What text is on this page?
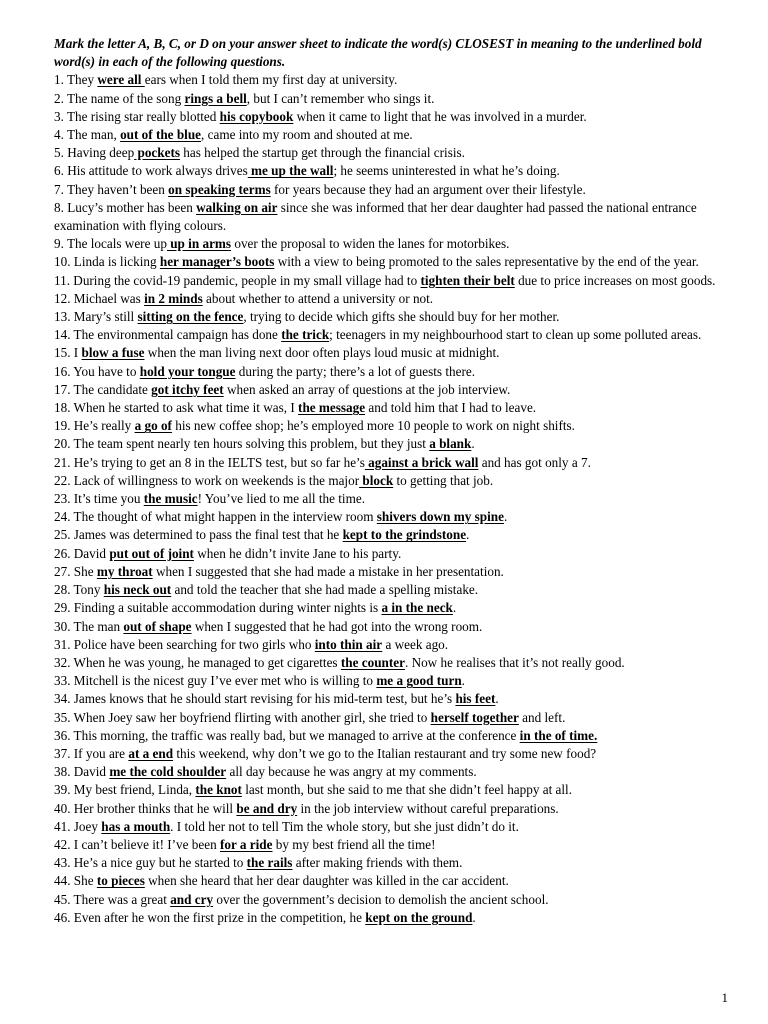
Mark the letter A, B, C, or D on your answer sheet to indicate the word(s) CLOSEST in meaning to the underlined bold word(s) in each of the following questions.

1. They were all ears when I told them my first day at university.

2. The name of the song rings a bell, but I can’t remember who sings it.

3. The rising star really blotted his copybook when it came to light that he was involved in a murder.

4. The man, out of the blue, came into my room and shouted at me.

5. Having deep pockets has helped the startup get through the financial crisis.

6. His attitude to work always drives me up the wall; he seems uninterested in what he’s doing.

7. They haven’t been on speaking terms for years because they had an argument over their lifestyle.

8. Lucy’s mother has been walking on air since she was informed that her dear daughter had passed the national entrance examination with flying colours.

9. The locals were up up in arms over the proposal to widen the lanes for motorbikes.

10. Linda is licking her manager’s boots with a view to being promoted to the sales representative by the end of the year.

11. During the covid-19 pandemic, people in my small village had to tighten their belt due to price increases on most goods.

12. Michael was in 2 minds about whether to attend a university or not.

13. Mary’s still sitting on the fence, trying to decide which gifts she should buy for her mother.

14. The environmental campaign has done the trick; teenagers in my neighbourhood start to clean up some polluted areas.

15. I blow a fuse when the man living next door often plays loud music at midnight.

16. You have to hold your tongue during the party; there’s a lot of guests there.

17. The candidate got itchy feet when asked an array of questions at the job interview.

18. When he started to ask what time it was, I the message and told him that I had to leave.

19. He’s really a go of his new coffee shop; he’s employed more 10 people to work on night shifts.

20. The team spent nearly ten hours solving this problem, but they just a blank.

21. He’s trying to get an 8 in the IELTS test, but so far he’s against a brick wall and has got only a 7.

22. Lack of willingness to work on weekends is the major block to getting that job.

23. It’s time you the music! You’ve lied to me all the time.

24. The thought of what might happen in the interview room shivers down my spine.

25. James was determined to pass the final test that he kept to the grindstone.

26. David put out of joint when he didn’t invite Jane to his party.

27. She my throat when I suggested that she had made a mistake in her presentation.

28. Tony his neck out and told the teacher that she had made a spelling mistake.

29. Finding a suitable accommodation during winter nights is a in the neck.

30. The man out of shape when I suggested that he had got into the wrong room.

31. Police have been searching for two girls who into thin air a week ago.

32. When he was young, he managed to get cigarettes the counter. Now he realises that it’s not really good.

33. Mitchell is the nicest guy I’ve ever met who is willing to me a good turn.

34. James knows that he should start revising for his mid-term test, but he’s his feet.

35. When Joey saw her boyfriend flirting with another girl, she tried to herself together and left.

36. This morning, the traffic was really bad, but we managed to arrive at the conference in the of time.

37. If you are at a end this weekend, why don’t we go to the Italian restaurant and try some new food?

38. David me the cold shoulder all day because he was angry at my comments.

39. My best friend, Linda, the knot last month, but she said to me that she didn’t feel happy at all.

40. Her brother thinks that he will be and dry in the job interview without careful preparations.

41. Joey has a mouth. I told her not to tell Tim the whole story, but she just didn’t do it.

42. I can’t believe it! I’ve been for a ride by my best friend all the time!

43. He’s a nice guy but he started to the rails after making friends with them.

44. She to pieces when she heard that her dear daughter was killed in the car accident.

45. There was a great and cry over the government’s decision to demolish the ancient school.

46. Even after he won the first prize in the competition, he kept on the ground.

1
